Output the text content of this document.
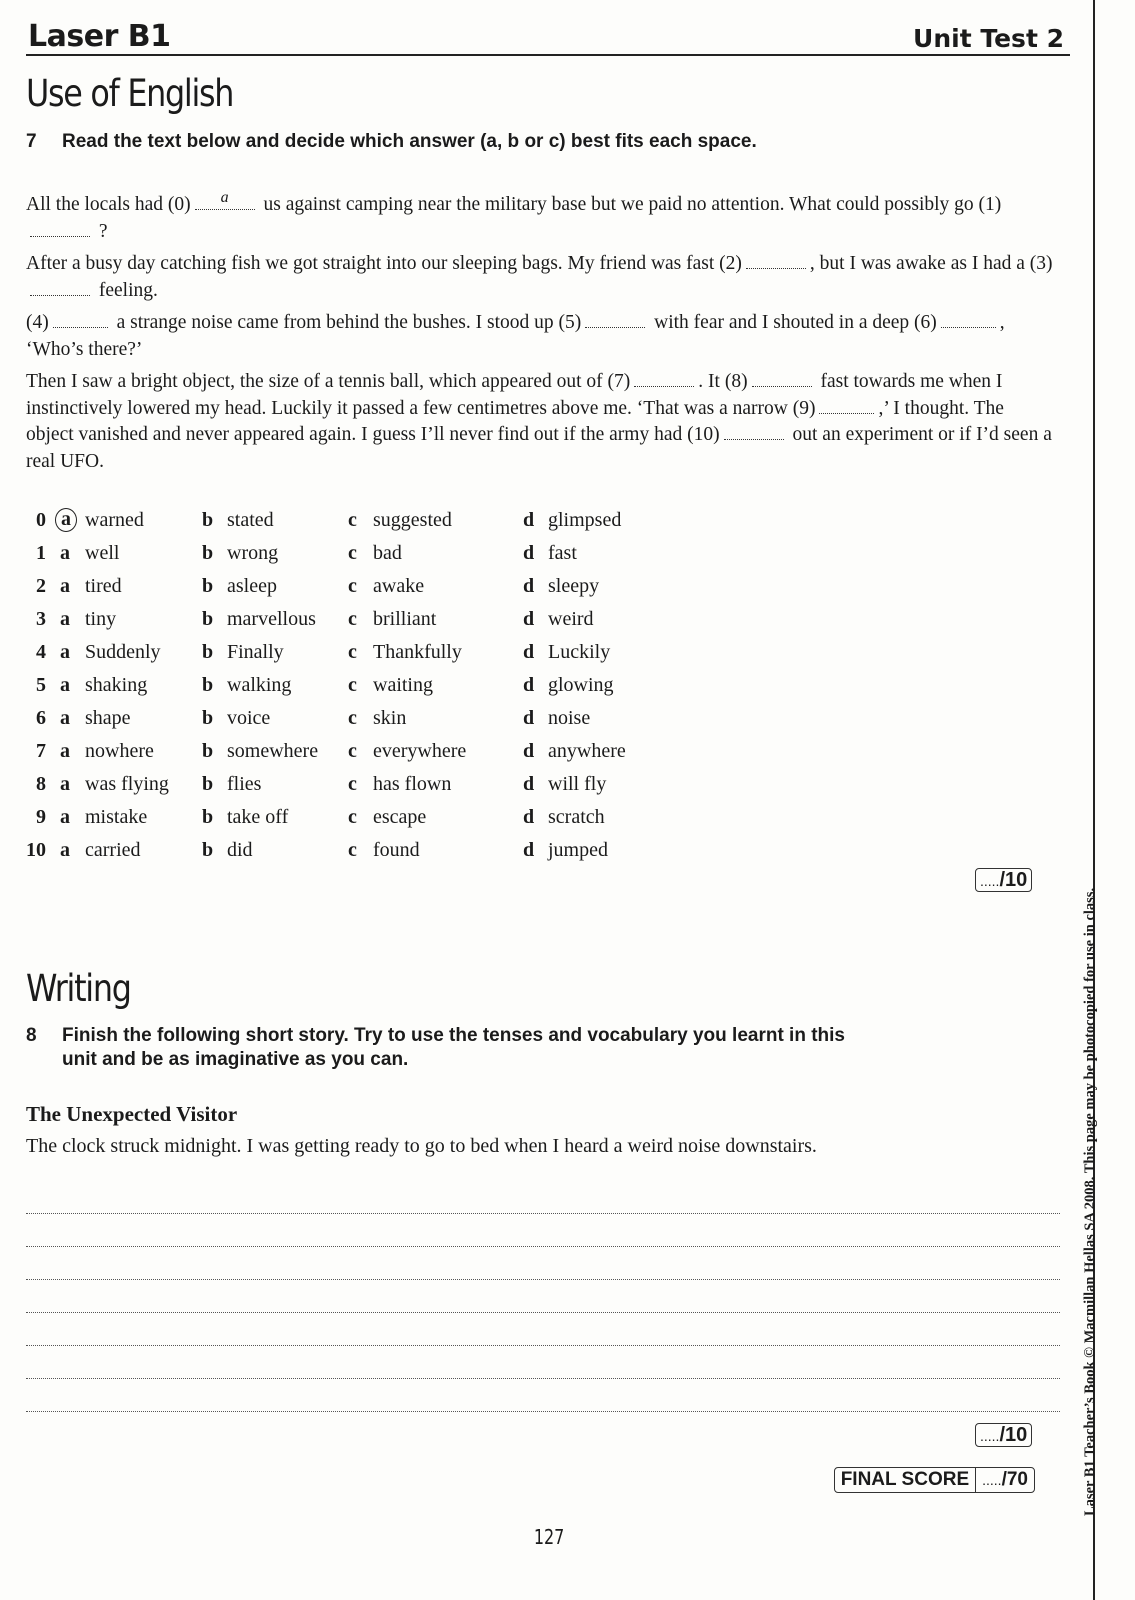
Laser B1	Unit Test 2
Use of English
7 Read the text below and decide which answer (a, b or c) best fits each space.

All the locals had (0)	a	us against camping near the military base but we paid no attention. What could possibly go (1) ?

After a busy day catching fish we got straight into our sleeping bags. My friend was fast (2)	, but I was awake as I had a (3) feeling.

(4)	a strange noise came from behind the bushes. I stood up (5)	with fear and I shouted in a deep (6)	, ‘Who’s there?’

Then I saw a bright object, the size of a tennis ball, which appeared out of (7)	. It (8)	fast towards me when I instinctively lowered my head. Luckily it passed a few centimetres above me. ‘That was a narrow (9)	,’ I thought. The object vanished and never appeared again. I guess I’ll never find out if the army had (10)	out an experiment or if I’d seen a real UFO.

0 a warned	b stated	c suggested	d glimpsed
1 a well	b wrong	c bad	d fast
2 a tired	b asleep	c awake	d sleepy
3 a tiny	b marvellous c brilliant	d weird
4 a Suddenly b Finally	c Thankfully	d Luckily
5 a shaking	b walking	c waiting	d glowing
6 a shape	b voice	c skin	d noise
7 a nowhere b somewhere c everywhere	d anywhere
8 a was flying b flies	c has flown	d will fly
9 a mistake	b take off	c escape	d scratch
10 a carried	b did	c found	d jumped
...../10
Writing
8 Finish the following short story. Try to use the tenses and vocabulary you learnt in this
unit and be as imaginative as you can.
The Unexpected Visitor
The clock struck midnight. I was getting ready to go to bed when I heard a weird noise downstairs.
...../10
FINAL SCORE ...../70
127
Laser B1 Teacher’s Book © Macmillan Hellas SA 2008. This page may be photocopied for use in class.
